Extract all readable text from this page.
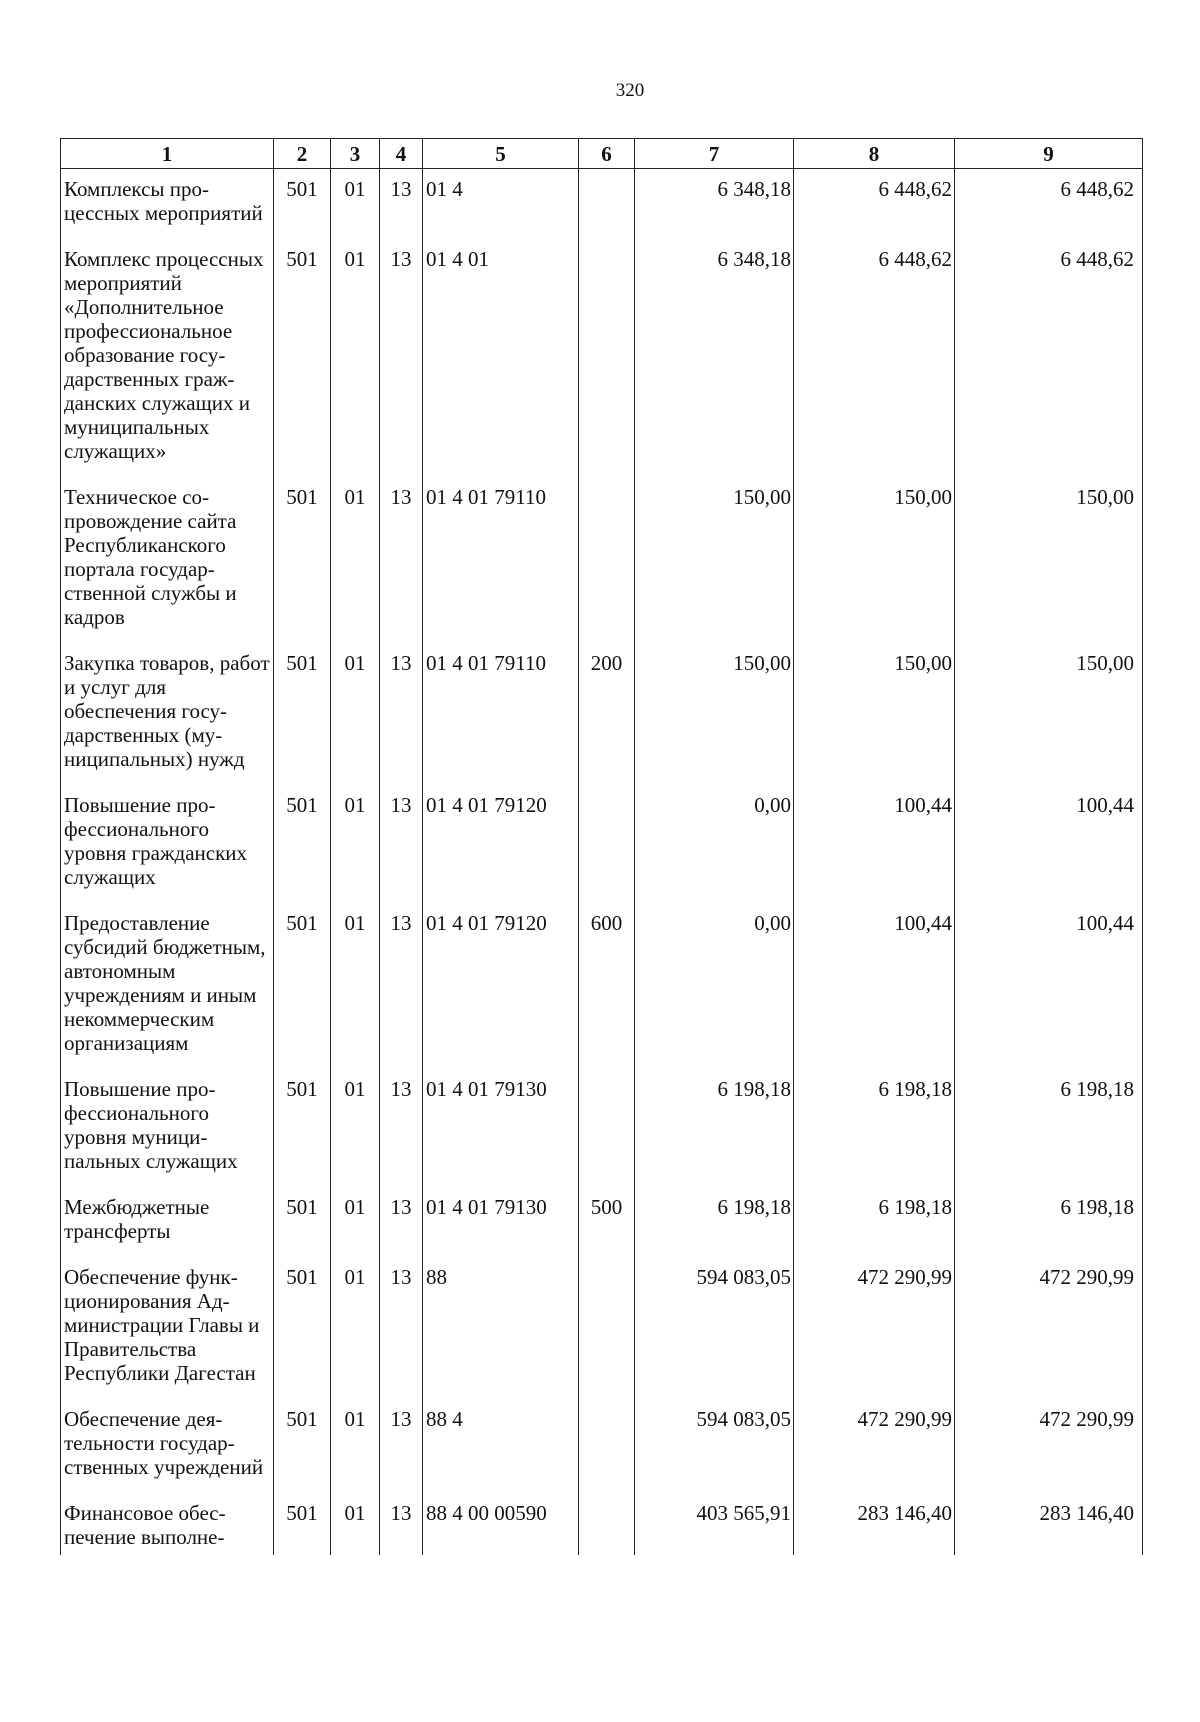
320
1	2	3	4	5	6	7	8	9
Комплексы процессных мероприятий	501	01	13	01 4		6 348,18	6 448,62	6 448,62
Комплекс процессных мероприятий «Дополнительное профессиональное образование государственных гражданских служащих и муниципальных служащих»	501	01	13	01 4 01		6 348,18	6 448,62	6 448,62
Техническое сопровождение сайта Республиканского портала государственной службы и кадров	501	01	13	01 4 01 79110		150,00	150,00	150,00
Закупка товаров, работ и услуг для обеспечения государственных (муниципальных) нужд	501	01	13	01 4 01 79110	200	150,00	150,00	150,00
Повышение профессионального уровня гражданских служащих	501	01	13	01 4 01 79120		0,00	100,44	100,44
Предоставление субсидий бюджетным, автономным учреждениям и иным некоммерческим организациям	501	01	13	01 4 01 79120	600	0,00	100,44	100,44
Повышение профессионального уровня муниципальных служащих	501	01	13	01 4 01 79130		6 198,18	6 198,18	6 198,18
Межбюджетные трансферты	501	01	13	01 4 01 79130	500	6 198,18	6 198,18	6 198,18
Обеспечение функционирования Администрации Главы и Правительства Республики Дагестан	501	01	13	88		594 083,05	472 290,99	472 290,99
Обеспечение деятельности государственных учреждений	501	01	13	88 4		594 083,05	472 290,99	472 290,99
Финансовое обеспечение выполне-	501	01	13	88 4 00 00590		403 565,91	283 146,40	283 146,40
